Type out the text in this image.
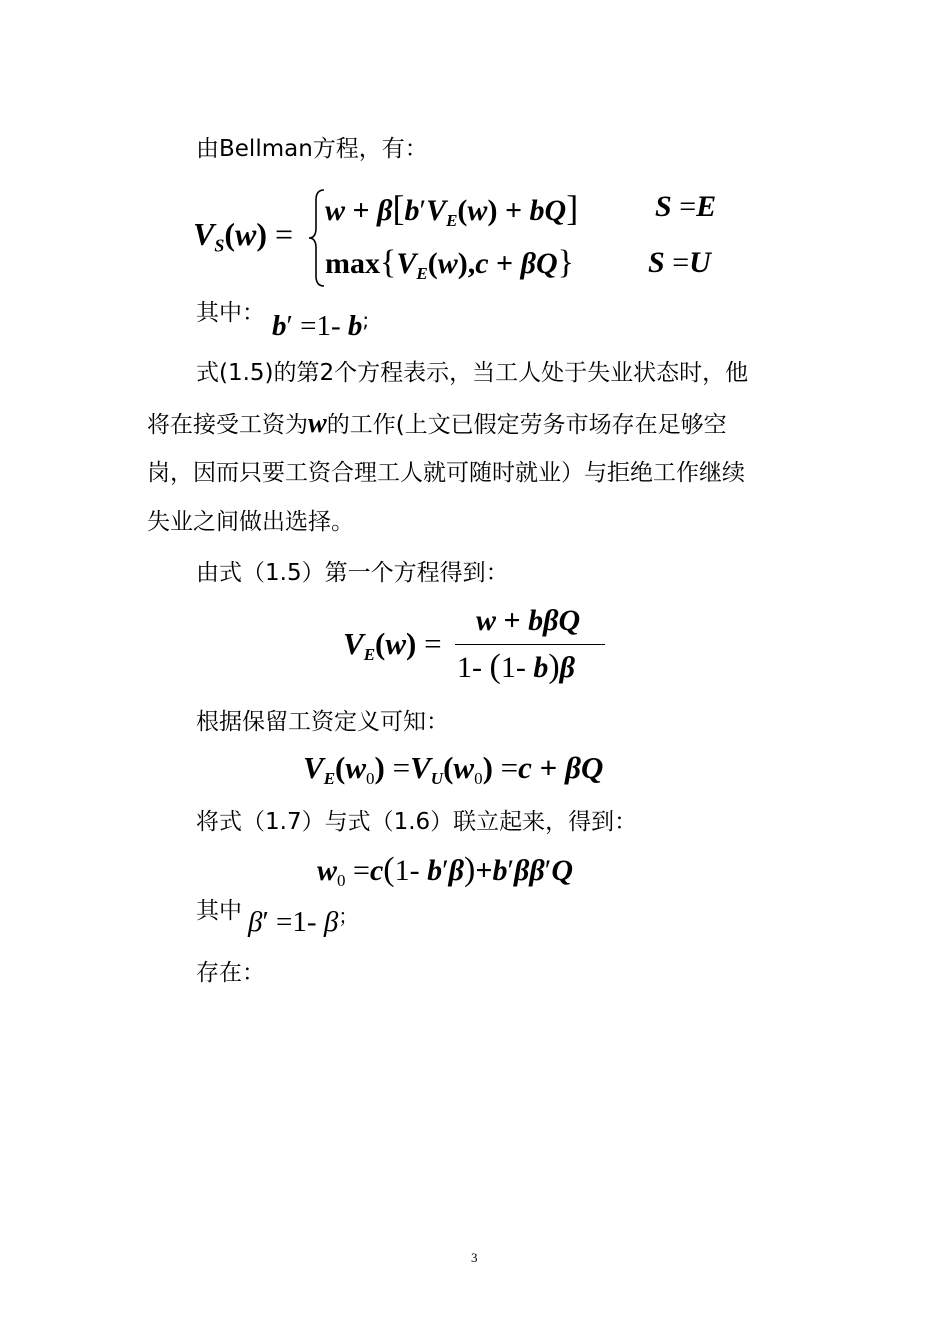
由Bellman方程，有：
$V_S(w)$ =
$w + \beta[b'V_E(w) + bQ]$	S =E
$\max\{V_E(w),c + \beta Q\}$ S =U
其中： b′ =1- b;
式(1.5)的第2个方程表示，当工人处于失业状态时，他
将在接受工资为w的工作(上文已假定劳务市场存在足够空
岗，因而只要工资合理工人就可随时就业）与拒绝工作继续
失业之间做出选择。
由式（1.5）第一个方程得到：
$V_E(w)$ =
w + bβQ
1- (1- b)β
根据保留工资定义可知：
$V_E(w_0) =V_U(w_0) =c + \beta Q$
将式（1.7）与式（1.6）联立起来，得到：
$w_0 =c(1-$ b′β)+b′ββ′Q
其中 β′ =1- β；
存在：
3
